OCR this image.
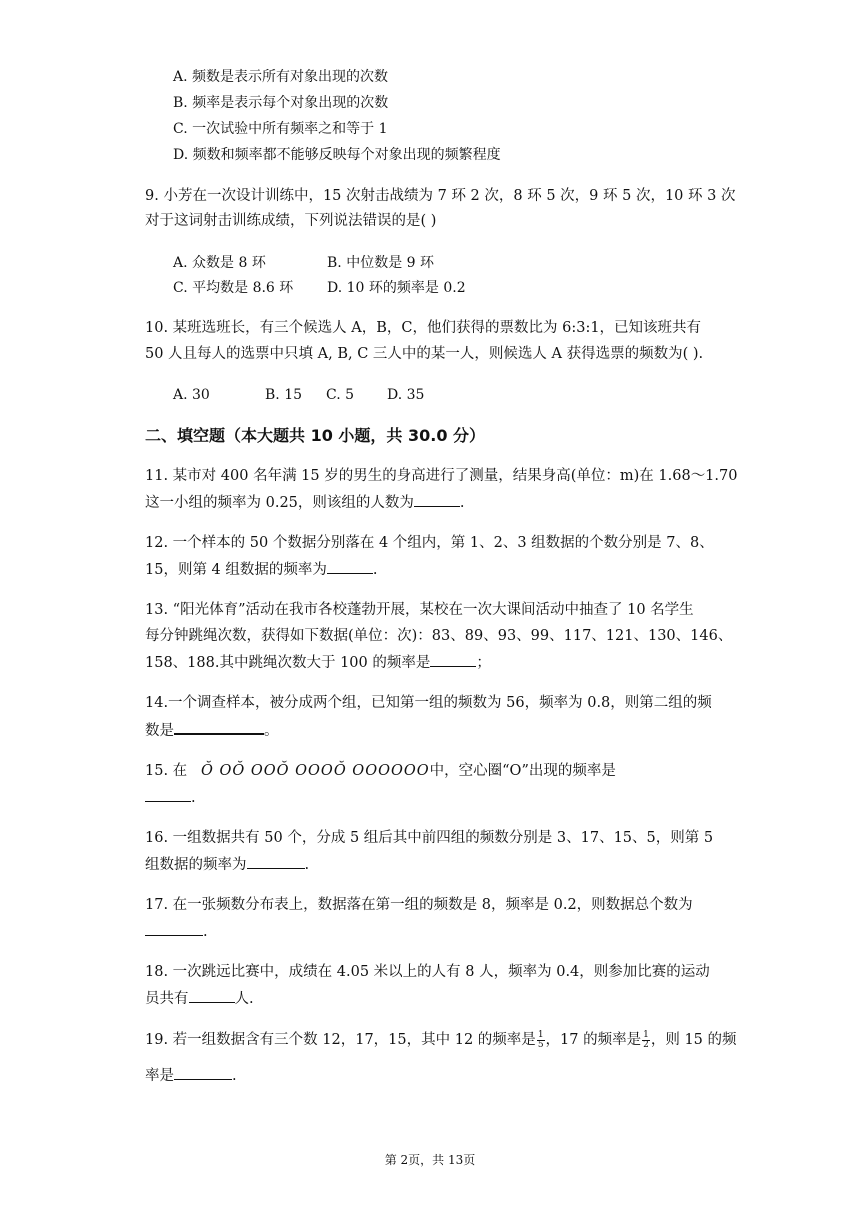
A. 频数是表示所有对象出现的次数
B. 频率是表示每个对象出现的次数
C. 一次试验中所有频率之和等于 1
D. 频数和频率都不能够反映每个对象出现的频繁程度
9. 小芳在一次设计训练中，15 次射击战绩为 7 环 2 次，8 环 5 次，9 环 5 次，10 环 3 次
对于这词射击训练成绩，下列说法错误的是( )
A. 众数是 8 环	B. 中位数是 9 环
C. 平均数是 8.6 环 D. 10 环的频率是 0.2
10. 某班选班长，有三个候选人 A，B，C，他们获得的票数比为 6:3:1，已知该班共有
50 人且每人的选票中只填 A, B, C 三人中的某一人，则候选人 A 获得选票的频数为( ).
A. 30	B. 15 C. 5 D. 35
二、填空题（本大题共 10 小题，共 30.0 分）
11. 某市对 400 名年满 15 岁的男生的身高进行了测量，结果身高(单位：m)在 1.68～1.70
这一小组的频率为 0.25，则该组的人数为	.
12. 一个样本的 50 个数据分别落在 4 个组内，第 1、2、3 组数据的个数分别是 7、8、
15，则第 4 组数据的频率为	.
13. “阳光体育”活动在我市各校蓬勃开展，某校在一次大课间活动中抽查了 10 名学生
每分钟跳绳次数，获得如下数据(单位：次)：83、89、93、99、117、121、130、146、
158、188.其中跳绳次数大于 100 的频率是	；
14.一个调查样本，被分成两个组，已知第一组的频数为 56，频率为 0.8，则第二组的频
数是	。
15. 在 Ŏ OŎ OOŎ OOOŎ OOOOOO中，空心圈“O”出现的频率是
.
16. 一组数据共有 50 个，分成 5 组后其中前四组的频数分别是 3、17、15、5，则第 5
组数据的频率为	.
17. 在一张频数分布表上，数据落在第一组的频数是 8，频率是 0.2，则数据总个数为
.
18. 一次跳远比赛中，成绩在 4.05 米以上的人有 8 人，频率为 0.4，则参加比赛的运动
员共有	人.
19. 若一组数据含有三个数 12，17，15，其中 12 的频率是 $\frac{1}{5}$ ，17 的频率是 $\frac{1}{2}$ ，则 15 的频
率是	.
第 2页，共 13页
